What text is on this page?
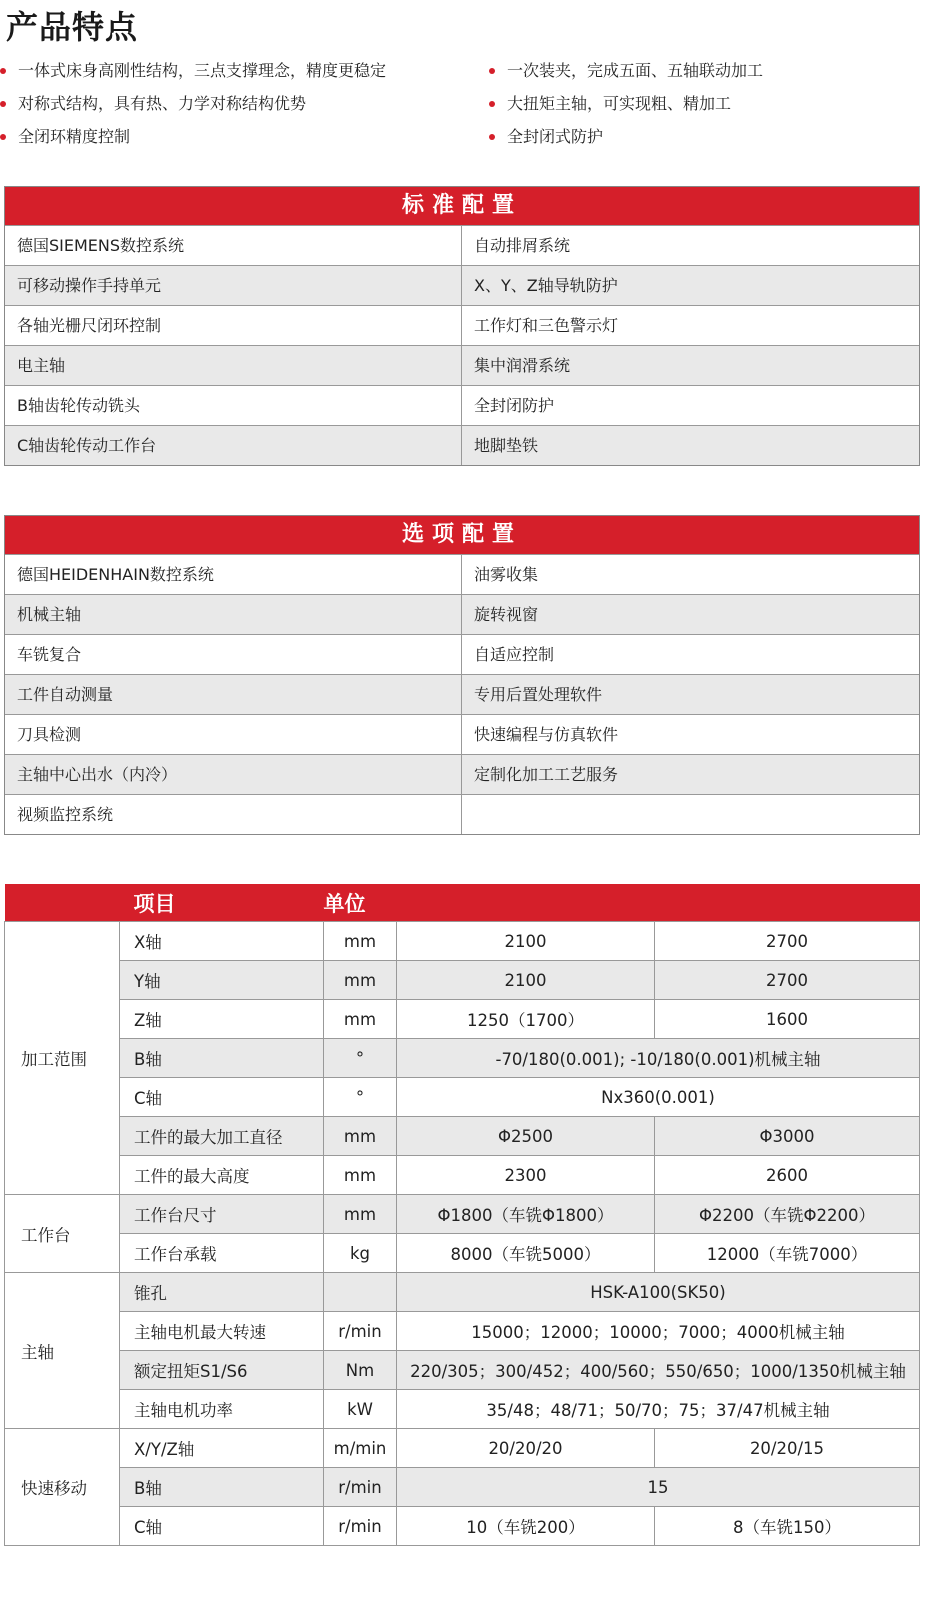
产品特点
一体式床身高刚性结构，三点支撑理念，精度更稳定
对称式结构，具有热、力学对称结构优势
全闭环精度控制
一次装夹，完成五面、五轴联动加工
大扭矩主轴，可实现粗、精加工
全封闭式防护
标准配置
德国SIEMENS数控系统	自动排屑系统
可移动操作手持单元	X、Y、Z轴导轨防护
各轴光栅尺闭环控制	工作灯和三色警示灯
电主轴	集中润滑系统
B轴齿轮传动铣头	全封闭防护
C轴齿轮传动工作台	地脚垫铁
选项配置
德国HEIDENHAIN数控系统	油雾收集
机械主轴	旋转视窗
车铣复合	自适应控制
工件自动测量	专用后置处理软件
刀具检测	快速编程与仿真软件
主轴中心出水（内冷）	定制化加工工艺服务
视频监控系统
	项目	单位		
加工范围	X轴	mm	2100	2700
	Y轴	mm	2100	2700
	Z轴	mm	1250（1700）	1600
	B轴	°	-70/180(0.001); -10/180(0.001)机械主轴	
	C轴	°	Nx360(0.001)	
	工件的最大加工直径	mm	Φ2500	Φ3000
	工件的最大高度	mm	2300	2600
工作台	工作台尺寸	mm	Φ1800（车铣Φ1800）	Φ2200（车铣Φ2200）
	工作台承载	kg	8000（车铣5000）	12000（车铣7000）
主轴	锥孔		HSK-A100(SK50)	
	主轴电机最大转速	r/min	15000；12000；10000；7000；4000机械主轴	
	额定扭矩S1/S6	Nm	220/305；300/452；400/560；550/650；1000/1350机械主轴	
	主轴电机功率	kW	35/48；48/71；50/70；75；37/47机械主轴	
快速移动	X/Y/Z轴	m/min	20/20/20	20/20/15
	B轴	r/min	15	
	C轴	r/min	10（车铣200）	8（车铣150）
